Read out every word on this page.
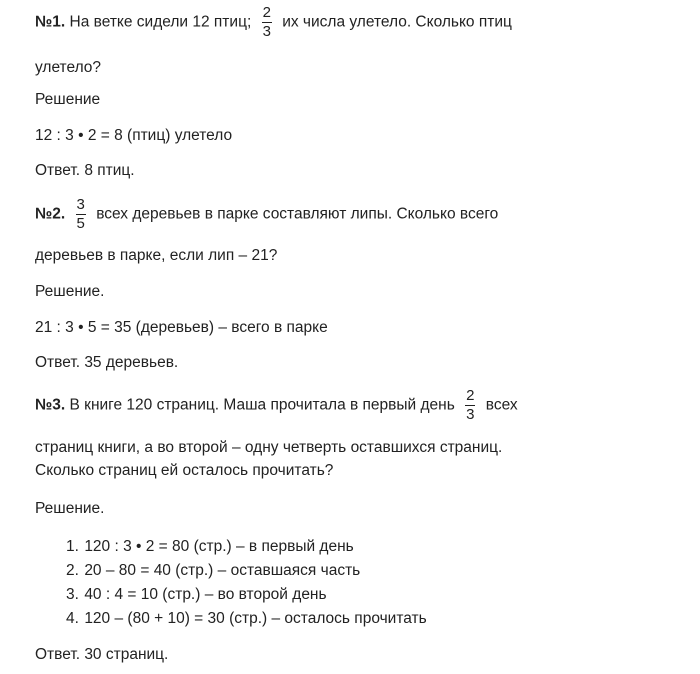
№1. На ветке сидели 12 птиц; $\frac{2}{3}$ их числа улетело. Сколько птиц
улетело?
Решение
12 : 3 • 2 = 8 (птиц) улетело
Ответ. 8 птиц.
№2. $\frac{3}{5}$ всех деревьев в парке составляют липы. Сколько всего
деревьев в парке, если лип – 21?
Решение.
21 : 3 • 5 = 35 (деревьев) – всего в парке
Ответ. 35 деревьев.
№3. В книге 120 страниц. Маша прочитала в первый день $\frac{2}{3}$ всех
страниц книги, а во второй – одну четверть оставшихся страниц.
Сколько страниц ей осталось прочитать?
Решение.
1. 120 : 3 • 2 = 80 (стр.) – в первый день
2. 20 – 80 = 40 (стр.) – оставшаяся часть
3. 40 : 4 = 10 (стр.) – во второй день
4. 120 – (80 + 10) = 30 (стр.) – осталось прочитать
Ответ. 30 страниц.
